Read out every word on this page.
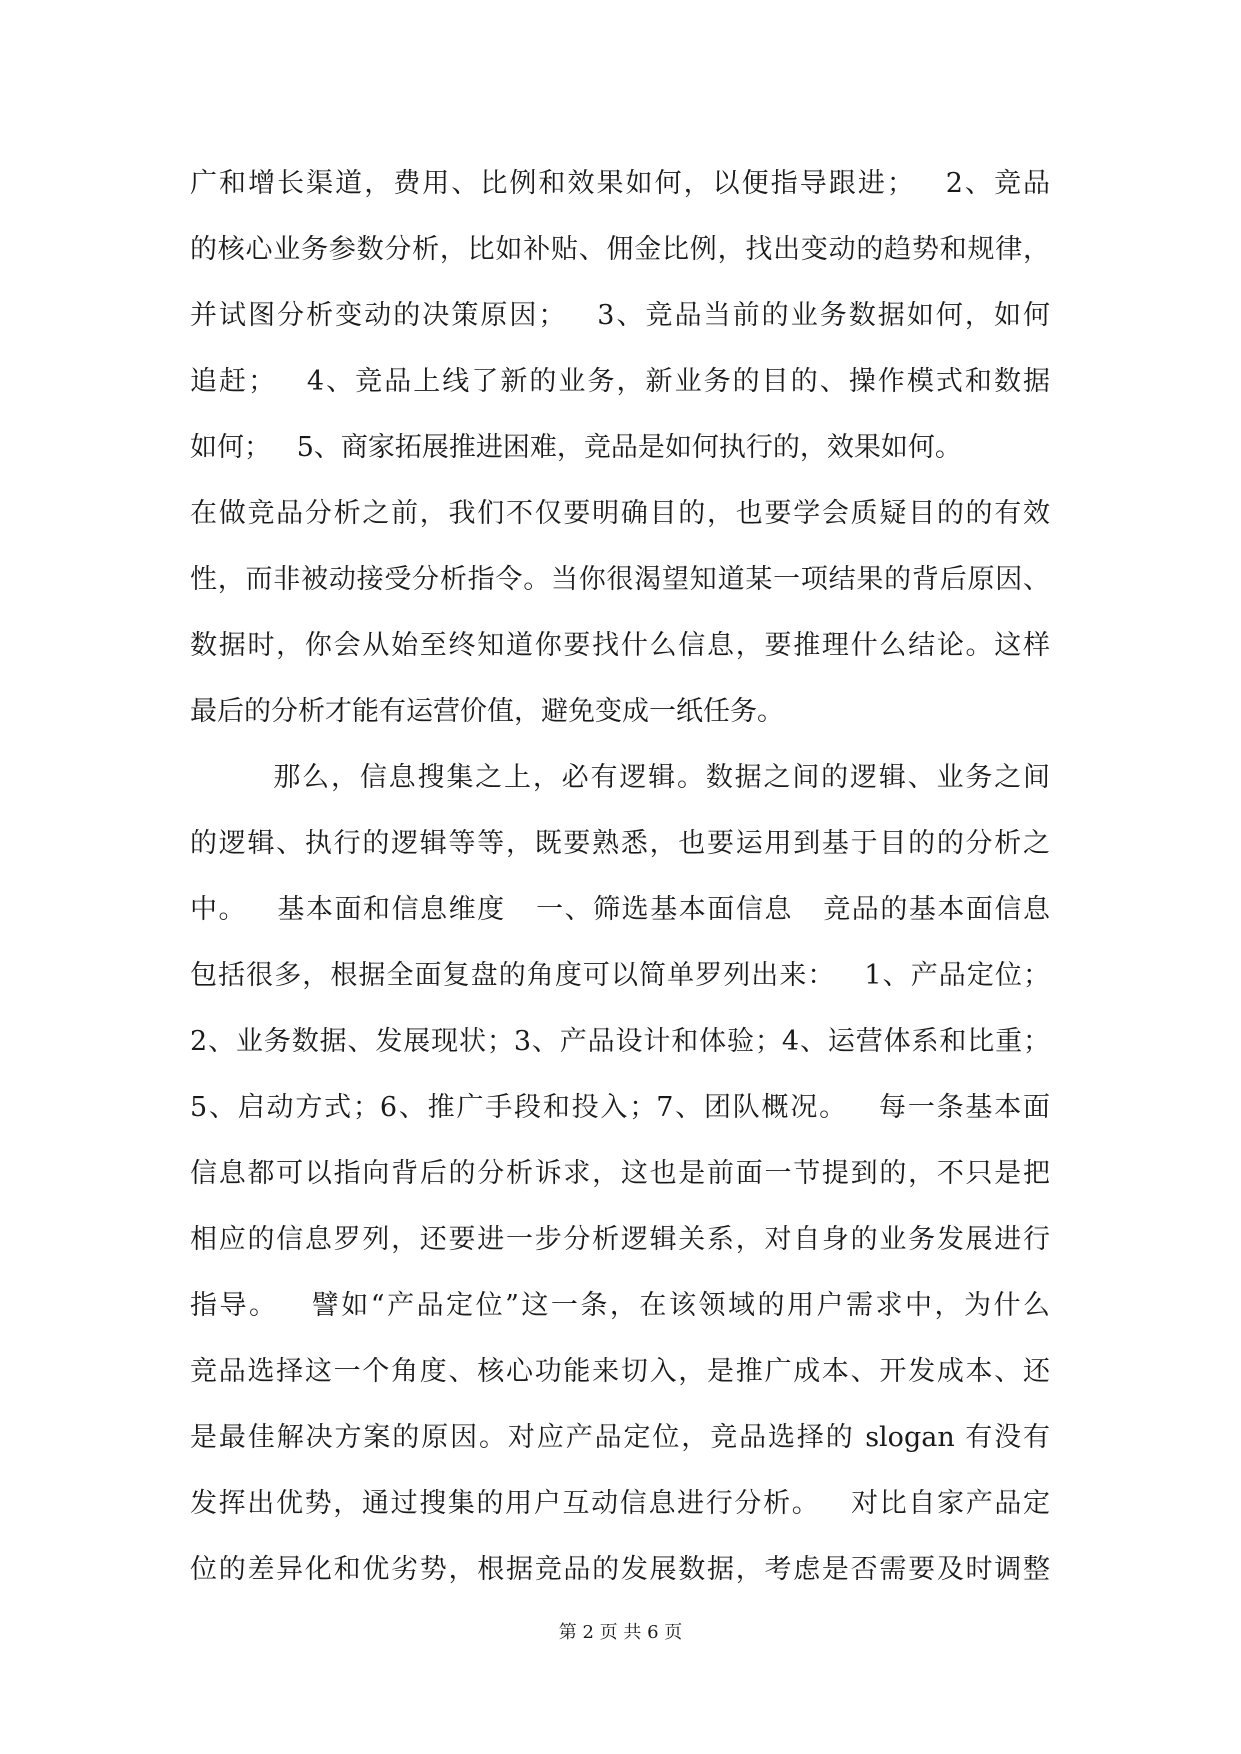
广和增长渠道，费用、比例和效果如何，以便指导跟进；   2、竞品
的核心业务参数分析，比如补贴、佣金比例，找出变动的趋势和规律，
并试图分析变动的决策原因；   3、竞品当前的业务数据如何，如何
追赶；   4、竞品上线了新的业务，新业务的目的、操作模式和数据
如何；   5、商家拓展推进困难，竞品是如何执行的，效果如何。
在做竞品分析之前，我们不仅要明确目的，也要学会质疑目的的有效
性，而非被动接受分析指令。当你很渴望知道某一项结果的背后原因、
数据时，你会从始至终知道你要找什么信息，要推理什么结论。这样
最后的分析才能有运营价值，避免变成一纸任务。
那么，信息搜集之上，必有逻辑。数据之间的逻辑、业务之间
的逻辑、执行的逻辑等等，既要熟悉，也要运用到基于目的的分析之
中。   基本面和信息维度   一、筛选基本面信息   竞品的基本面信息
包括很多，根据全面复盘的角度可以简单罗列出来：   1、产品定位；
2、业务数据、发展现状；3、产品设计和体验；4、运营体系和比重；
5、启动方式；6、推广手段和投入；7、团队概况。   每一条基本面
信息都可以指向背后的分析诉求，这也是前面一节提到的，不只是把
相应的信息罗列，还要进一步分析逻辑关系，对自身的业务发展进行
指导。   譬如“产品定位”这一条，在该领域的用户需求中，为什么
竞品选择这一个角度、核心功能来切入，是推广成本、开发成本、还
是最佳解决方案的原因。对应产品定位，竞品选择的 slogan 有没有
发挥出优势，通过搜集的用户互动信息进行分析。   对比自家产品定
位的差异化和优劣势，根据竞品的发展数据，考虑是否需要及时调整
第 2 页 共 6 页
